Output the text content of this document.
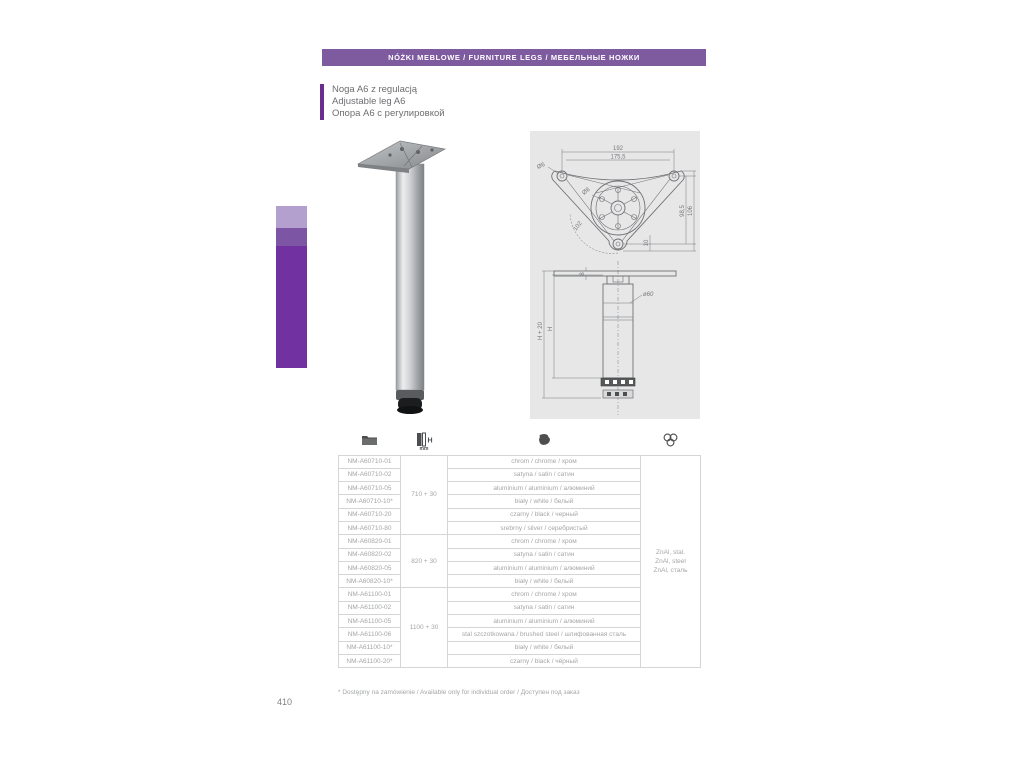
NÓŻKI MEBLOWE / FURNITURE LEGS / МЕБЕЛЬНЫЕ НОЖКИ
Noga A6 z regulacją
Adjustable leg A6
Опора А6 с регулировкой
102
192
175,5
98,5 106
10
Ø6
Ø8
H + 20 H
8
ø60

H
mm

NM-A60710-01	710 + 30	chrom / chrome / хром	ZnAl, stal.
ZnAl, steel
ZnAl, сталь

NM-A60710-02		satyna / satin / сатин	
NM-A60710-05		aluminium / aluminium / алюминий	
NM-A60710-10*		biały / white / белый	
NM-A60710-20		czarny / black / черный	
NM-A60710-80		srebrny / silver / серебристый	
NM-A60820-01	820 + 30	chrom / chrome / хром	
NM-A60820-02		satyna / satin / сатин	
NM-A60820-05		aluminium / aluminium / алюминий	
NM-A60820-10*		biały / white / белый	
NM-A61100-01	1100 + 30	chrom / chrome / хром	
NM-A61100-02		satyna / satin / сатин	
NM-A61100-05		aluminium / aluminium / алюминий	
NM-A61100-06		stal szczotkowana / brushed steel / шлифованная сталь	
NM-A61100-10*		biały / white / белый	
NM-A61100-20*		czarny / black / чёрный	
* Dostępny na zamówienie / Available only for individual order / Доступен под заказ
410
